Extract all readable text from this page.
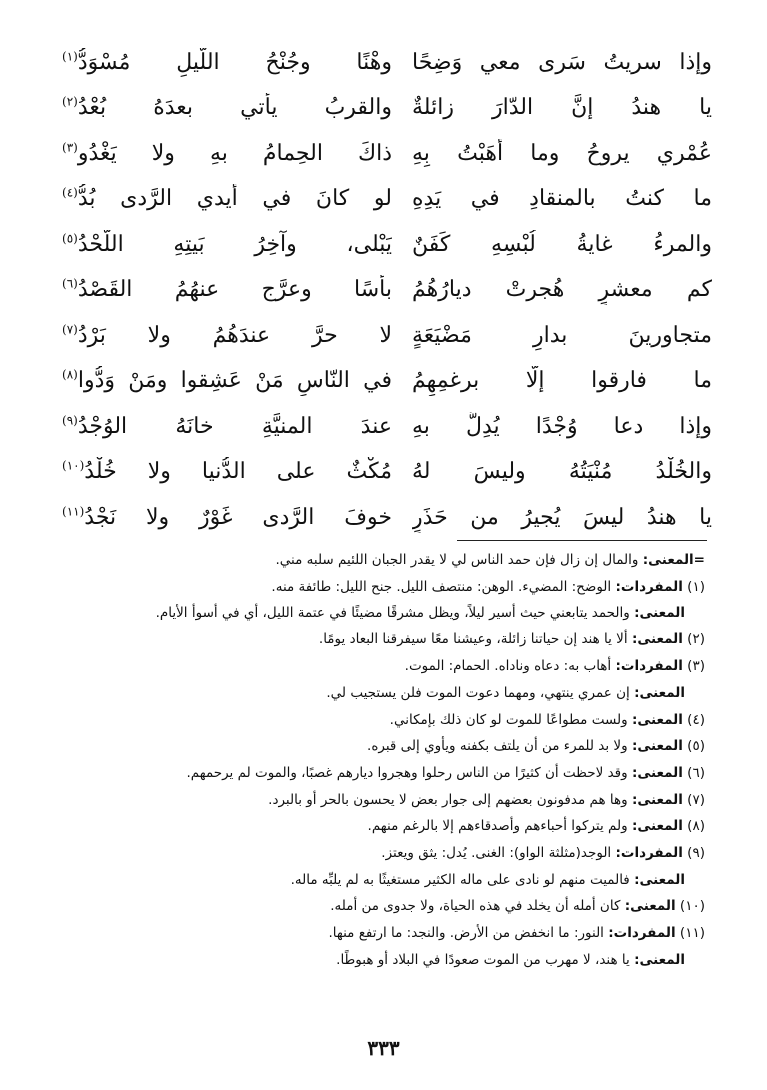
وإذا سريتُ سَرى معي وَضِحًا
وهْنًا وجُنْحُ اللّيلِ مُسْوَدُّ$^{(١)}$
يا هندُ إنَّ الدّارَ زائلةٌ
والقربُ يأتي بعدَهُ بُعْدُ$^{(٢)}$
عُمْري يروحُ وما أَهَبْتُ بِهِ
ذاكَ الحِمامُ بهِ ولا يَغْدُو$^{(٣)}$
ما كنتُ بالمنقادِ في يَدِهِ
لو كانَ في أيدي الرَّدى بُدُّ$^{(٤)}$
والمرءُ غايةُ لُبْسِهِ كَفَنٌ
يَبْلى، وآخِرُ بَيتِهِ اللَّحْدُ$^{(٥)}$
كم معشرٍ هُجرتْ ديارُهُمُ
بأسًا وعرَّج عنهُمُ القَصْدُ$^{(٦)}$
متجاورينَ بدارِ مَضْيَعَةٍ
لا حرَّ عندَهُمُ ولا بَرْدُ$^{(٧)}$
ما فارقوا إلّا برغمِهِمُ
في النّاسِ مَنْ عَشِقوا ومَنْ وَدُّوا$^{(٨)}$
وإذا دعا وُجْدًا يُدِلُّ بهِ
عندَ المنيَّةِ خانَهُ الوُجْدُ$^{(٩)}$
والخُلْدُ مُنْيَتُهُ وليسَ لهُ
مُكْثٌ على الدُّنيا ولا خُلْدُ$^{(١٠)}$
يا هندُ ليسَ يُجيرُ من حَذَرٍ
خوفَ الرَّدى غَوْرٌ ولا نَجْدُ$^{(١١)}$
=المعنى: والمال إن زال فإن حمد الناس لي لا يقدر الجبان اللئيم سلبه مني.
(١) المفردات: الوضح: المضيء. الوهن: منتصف الليل. جنح الليل: طائفة منه.
المعنى: والحمد يتابعني حيث أسير ليلاً، ويظل مشرقًا مضيئًا في عتمة الليل، أي في أسوأ الأيام.
(٢) المعنى: ألا يا هند إن حياتنا زائلة، وعيشنا معًا سيفرقنا البعاد يومًا.
(٣) المفردات: أهاب به: دعاه وناداه. الحمام: الموت.
المعنى: إن عمري ينتهي، ومهما دعوت الموت فلن يستجيب لي.
(٤) المعنى: ولست مطواعًا للموت لو كان ذلك بإمكاني.
(٥) المعنى: ولا بد للمرء من أن يلتف بكفنه ويأوي إلى قبره.
(٦) المعنى: وقد لاحظت أن كثيرًا من الناس رحلوا وهجروا ديارهم غصبًا، والموت لم يرحمهم.
(٧) المعنى: وها هم مدفونون بعضهم إلى جوار بعض لا يحسون بالحر أو بالبرد.
(٨) المعنى: ولم يتركوا أحباءهم وأصدقاءهم إلا بالرغم منهم.
(٩) المفردات: الوجد(مثلثة الواو): الغنى. يُدل: يثق ويعتز.
المعنى: فالميت منهم لو نادى على ماله الكثير مستغيثًا به لم يلبِّه ماله.
(١٠) المعنى: كان أمله أن يخلد في هذه الحياة، ولا جدوى من أمله.
(١١) المفردات: النور: ما انخفض من الأرض. والنجد: ما ارتفع منها.
المعنى: يا هند، لا مهرب من الموت صعودًا في البلاد أو هبوطًا.
٣٣٣
